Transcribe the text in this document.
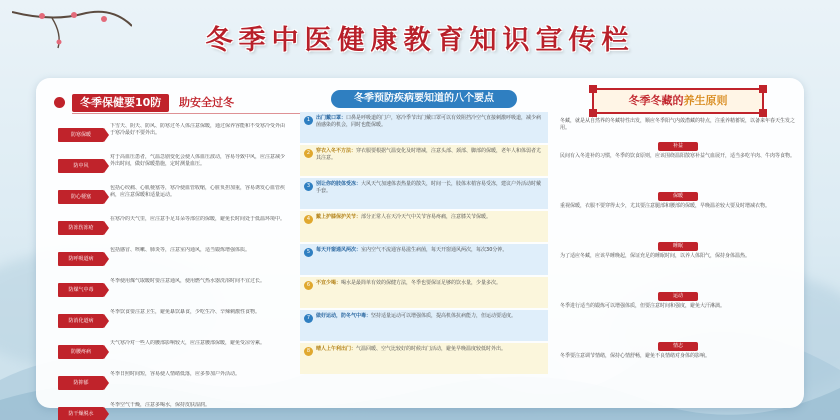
冬季中医健康教育知识宣传栏
冬季保健要10防	助安全过冬
防寒保暖
下雪天、阴天、防风、防寒过冬人体注意保暖，通过保养容能和不受寒冷受外由于寒冷最好不要外出。
防中风
对于高血压患者，气温急剧变化会使人体血压波动，容易导致中风，应注意减少外出时间，做好保暖措施，定时测量血压。
防心梗塞
包括心绞痛、心肌梗塞等，寒冷使血管收缩，心脏负担加重，容易诱发心血管疾病，应注意保暖和适量运动。
防冻伤冻疮
在寒冷的天气里，应注意手足耳朵等部位的保暖，避免长时间处于低温环境中。
防呼吸道病
包括感冒、咳嗽、肺炎等，注意室内通风，适当锻炼增强体质。
防煤气中毒
冬季使用煤气取暖时要注意通风，使用燃气热水器洗浴时间不宜过长。
防消化道病
冬季饮食要注意卫生，避免暴饮暴食，少吃生冷、辛辣刺激性食物。
防腰疼病
天气寒冷对一些人的腰部影响较大，应注意腰部保暖，避免受凉劳累。
防抑郁
冬季日照时间短，容易使人情绪低落，应多参加户外活动。
防干燥脱水
冬季空气干燥，注意多喝水，保持皮肤湿润。
冬季预防疾病要知道的八个要点
1	出门戴口罩：口鼻是呼吸道的门户，寒冷季节出门戴口罩可以有效阻挡冷空气直接刺激呼吸道，减少病菌感染的机会，同时也能保暖。
2	穿衣入冬不方法：穿衣服要根据气温变化及时增减，注意头部、颈部、脚部的保暖，老年人和体弱者尤其注意。
3	别让你的肢体受冻：大风天气加速体表热量的散失，时间一长，肢体末梢容易受冻，建议户外活动时戴手套。
4	戴上护膝保护关节：部分正常人在天冷天气中关节容易疼痛，注意膝关节保暖。
5	每天开窗通风两次：室内空气不流通容易滋生病菌，每天开窗通风两次，每次30分钟。
6	不宜少喝：喝水是最简单有效的保健方法，冬季也要保证足够的饮水量，少量多次。
7	做好运动，防冬气中毒：坚持适量运动可以增强体质，提高机体抗病能力，但运动要适度。
8	晴人上午利出门：气温回暖、空气比较好的时候出门活动，避免早晚温度较低时外出。
冬季冬藏的养生原则
冬藏，就是从自然界的冬藏特性出发，顺应冬季阳气内敛潜藏的特点，注重养精蓄锐，以备来年春天生发之用。
补益
民间有入冬进补的习惯，冬季的饮食原则，应该围绕温阳散寒补益气血展开，适当多吃羊肉、牛肉等食物。
保暖
重视保暖，衣服不要穿得太少，尤其要注意腿部和腰部的保暖，早晚温差较大要及时增减衣物。
睡眠
为了适应冬藏，应该早睡晚起，保证充足的睡眠时间，以养人体阳气，保持身体温热。
运动
冬季进行适当的锻炼可以增强体质，但要注意时间和强度，避免大汗淋漓。
情志
冬季要注意调节情绪，保持心情舒畅，避免不良情绪对身体的影响。
